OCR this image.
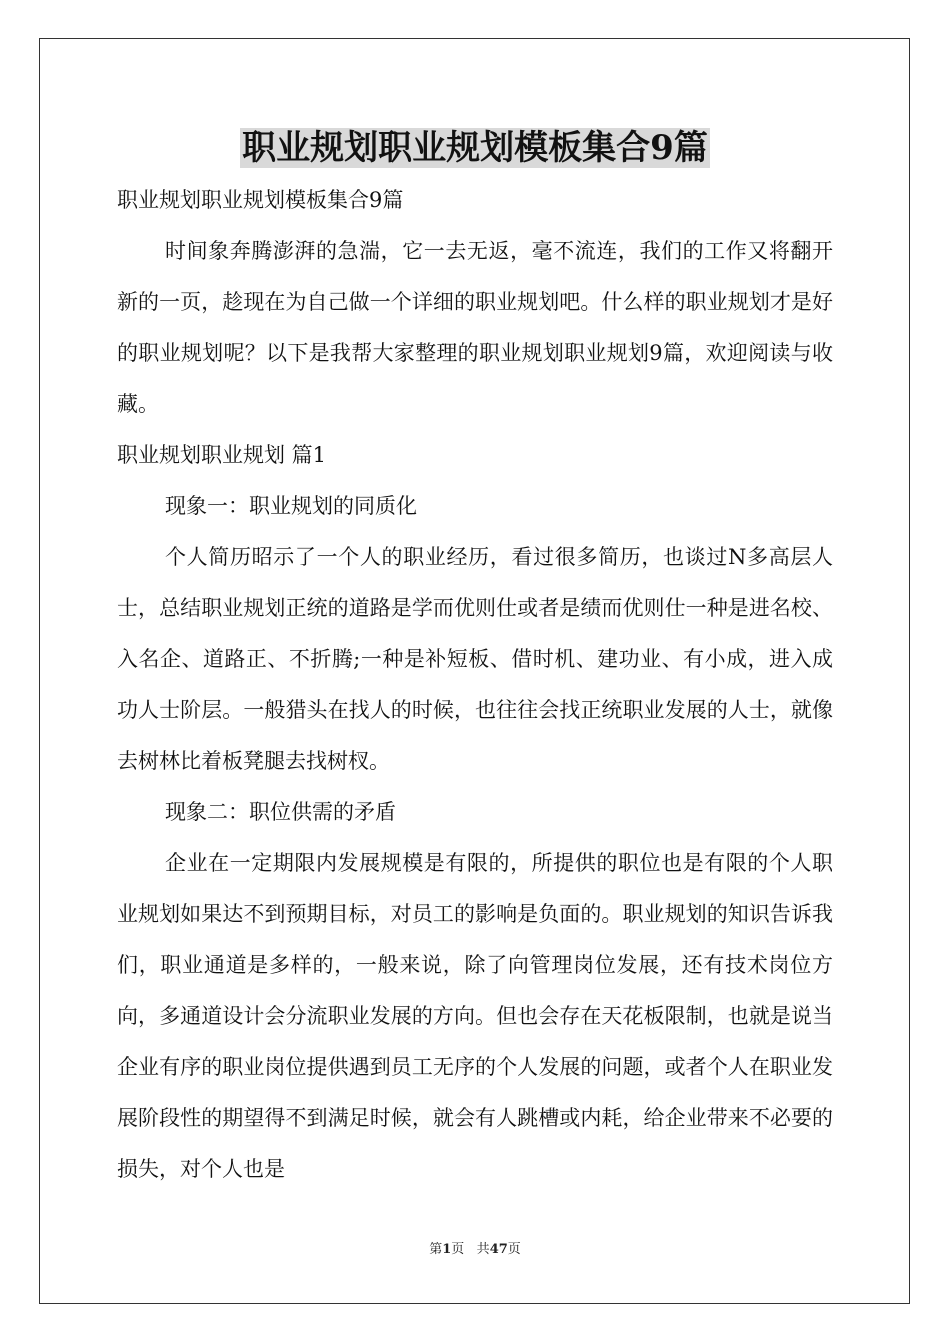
职业规划职业规划模板集合9篇

职业规划职业规划模板集合9篇

时间象奔腾澎湃的急湍，它一去无返，毫不流连，我们的工作又将翻开新的一页，趁现在为自己做一个详细的职业规划吧。什么样的职业规划才是好的职业规划呢？以下是我帮大家整理的职业规划职业规划9篇，欢迎阅读与收藏。

职业规划职业规划 篇1

现象一：职业规划的同质化

个人简历昭示了一个人的职业经历，看过很多简历，也谈过N多高层人士，总结职业规划正统的道路是学而优则仕或者是绩而优则仕一种是进名校、入名企、道路正、不折腾;一种是补短板、借时机、建功业、有小成，进入成功人士阶层。一般猎头在找人的时候，也往往会找正统职业发展的人士，就像去树林比着板凳腿去找树杈。

现象二：职位供需的矛盾

企业在一定期限内发展规模是有限的，所提供的职位也是有限的个人职业规划如果达不到预期目标，对员工的影响是负面的。职业规划的知识告诉我们，职业通道是多样的，一般来说，除了向管理岗位发展，还有技术岗位方向，多通道设计会分流职业发展的方向。但也会存在天花板限制，也就是说当企业有序的职业岗位提供遇到员工无序的个人发展的问题，或者个人在职业发展阶段性的期望得不到满足时候，就会有人跳槽或内耗，给企业带来不必要的损失，对个人也是

第1页 共47页
